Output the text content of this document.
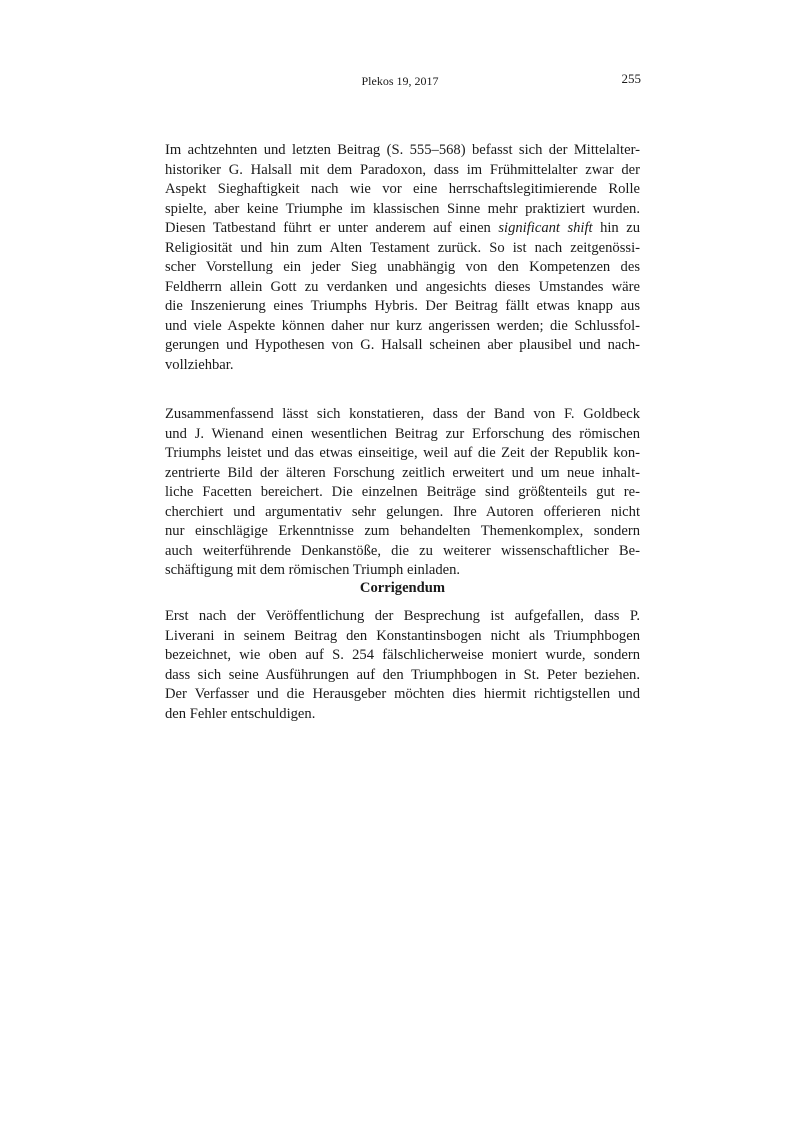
Plekos 19, 2017	255
Im achtzehnten und letzten Beitrag (S. 555–568) befasst sich der Mittelalter-
historiker G. Halsall mit dem Paradoxon, dass im Frühmittelalter zwar der
Aspekt Sieghaftigkeit nach wie vor eine herrschaftslegitimierende Rolle
spielte, aber keine Triumphe im klassischen Sinne mehr praktiziert wurden.
Diesen Tatbestand führt er unter anderem auf einen significant shift hin zu
Religiosität und hin zum Alten Testament zurück. So ist nach zeitgenössi-
scher Vorstellung ein jeder Sieg unabhängig von den Kompetenzen des
Feldherrn allein Gott zu verdanken und angesichts dieses Umstandes wäre
die Inszenierung eines Triumphs Hybris. Der Beitrag fällt etwas knapp aus
und viele Aspekte können daher nur kurz angerissen werden; die Schlussfol-
gerungen und Hypothesen von G. Halsall scheinen aber plausibel und nach-
vollziehbar.
Zusammenfassend lässt sich konstatieren, dass der Band von F. Goldbeck
und J. Wienand einen wesentlichen Beitrag zur Erforschung des römischen
Triumphs leistet und das etwas einseitige, weil auf die Zeit der Republik kon-
zentrierte Bild der älteren Forschung zeitlich erweitert und um neue inhalt-
liche Facetten bereichert. Die einzelnen Beiträge sind größtenteils gut re-
cherchiert und argumentativ sehr gelungen. Ihre Autoren offerieren nicht
nur einschlägige Erkenntnisse zum behandelten Themenkomplex, sondern
auch weiterführende Denkanstöße, die zu weiterer wissenschaftlicher Be-
schäftigung mit dem römischen Triumph einladen.
Corrigendum
Erst nach der Veröffentlichung der Besprechung ist aufgefallen, dass P.
Liverani in seinem Beitrag den Konstantinsbogen nicht als Triumphbogen
bezeichnet, wie oben auf S. 254 fälschlicherweise moniert wurde, sondern
dass sich seine Ausführungen auf den Triumphbogen in St. Peter beziehen.
Der Verfasser und die Herausgeber möchten dies hiermit richtigstellen und
den Fehler entschuldigen.
